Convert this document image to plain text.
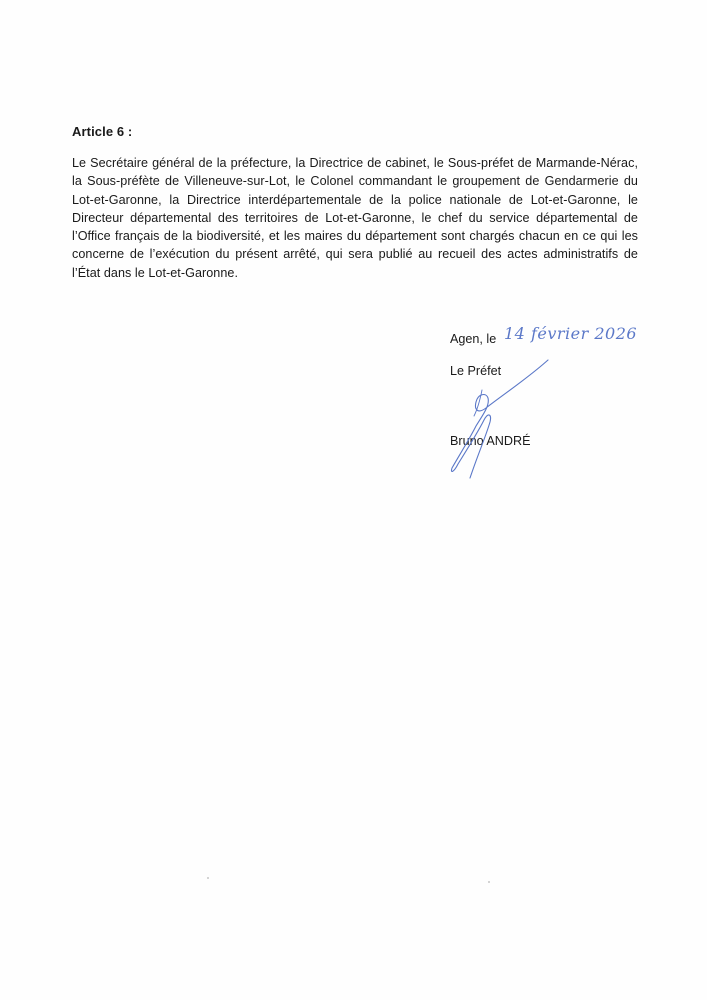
Article 6 :

Le Secrétaire général de la préfecture, la Directrice de cabinet, le Sous-préfet de Marmande-Nérac, la Sous-préfète de Villeneuve-sur-Lot, le Colonel commandant le groupement de Gendarmerie du Lot-et-Garonne, la Directrice interdépartementale de la police nationale de Lot-et-Garonne, le Directeur départemental des territoires de Lot-et-Garonne, le chef du service départemental de l’Office français de la biodiversité, et les maires du département sont chargés chacun en ce qui les concerne de l’exécution du présent arrêté, qui sera publié au recueil des actes administratifs de l’État dans le Lot-et-Garonne.

Agen, le 14 février 2026
Le Préfet
Bruno ANDRÉ
